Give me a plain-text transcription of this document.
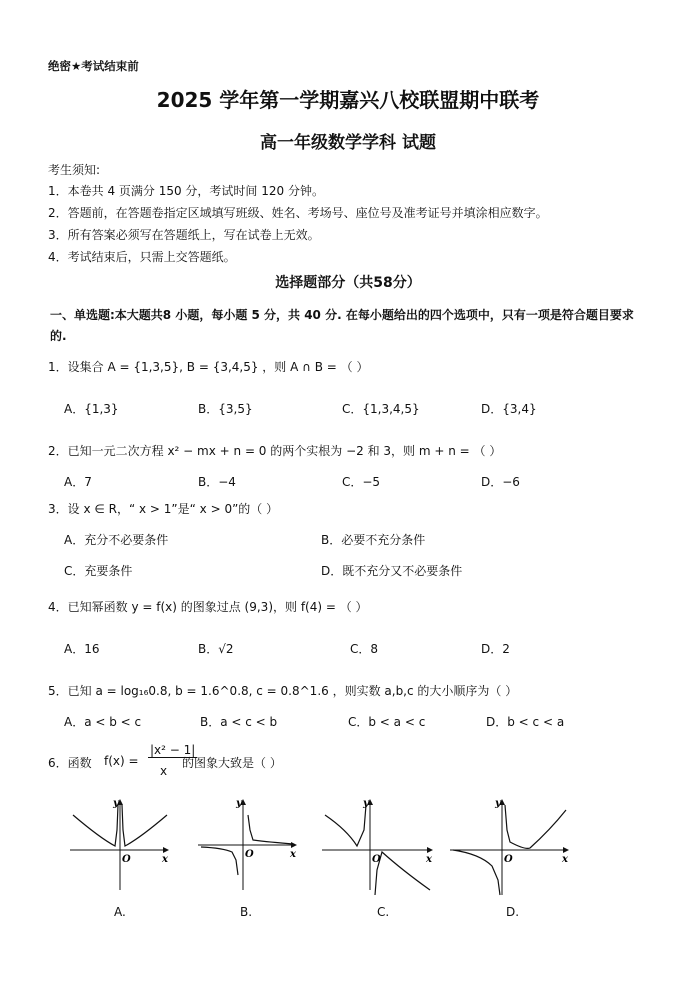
绝密★考试结束前
2025 学年第一学期嘉兴八校联盟期中联考
高一年级数学学科 试题
考生须知:
1．本卷共 4 页满分 150 分，考试时间 120 分钟。
2．答题前，在答题卷指定区域填写班级、姓名、考场号、座位号及准考证号并填涂相应数字。
3．所有答案必须写在答题纸上，写在试卷上无效。
4．考试结束后，只需上交答题纸。
选择题部分（共58分）
一、单选题:本大题共8 小题，每小题 5 分，共 40 分. 在每小题给出的四个选项中，只有一项是符合题目要求的.
1．设集合 A = {1,3,5}, B = {3,4,5} ，则 A ∩ B = （ ）
A．{1,3}	B．{3,5}	C．{1,3,4,5}	D．{3,4}
2．已知一元二次方程 x² − mx + n = 0 的两个实根为 −2 和 3，则 m + n = （ ）
A．7	B．−4	C．−5	D．−6
3．设 x ∈ R，“ x > 1”是“ x > 0”的（ ）
A．充分不必要条件	B．必要不充分条件
C．充要条件	D．既不充分又不必要条件
4．已知幂函数 y = f(x) 的图象过点 (9,3)，则 f(4) = （ ）
A．16	B．√2	C．8	D．2
5．已知 a = log₁₆0.8, b = 1.6^0.8, c = 0.8^1.6 ，则实数 a,b,c 的大小顺序为（ ）
A．a < b < c	B．a < c < b	C．b < a < c	D．b < c < a
6．函数 f(x) =
|x² − 1|
x
的图象大致是（ ）
y
x
O
y
x
O
y
x
O
y
x
O
A.	B.	C.	D.
